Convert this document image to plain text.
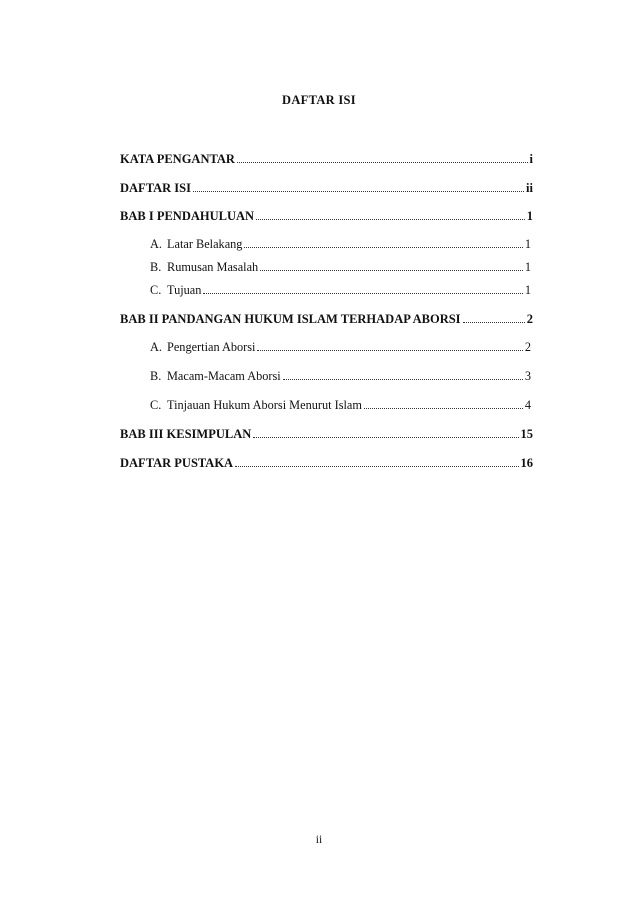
DAFTAR ISI
KATA PENGANTAR	i
DAFTAR ISI	ii
BAB I PENDAHULUAN	1
A. Latar Belakang	1
B. Rumusan Masalah	1
C. Tujuan	1
BAB II PANDANGAN HUKUM ISLAM TERHADAP ABORSI	2
A. Pengertian Aborsi	2
B. Macam-Macam Aborsi	3
C. Tinjauan Hukum Aborsi Menurut Islam	4
BAB III KESIMPULAN	15
DAFTAR PUSTAKA	16
ii
